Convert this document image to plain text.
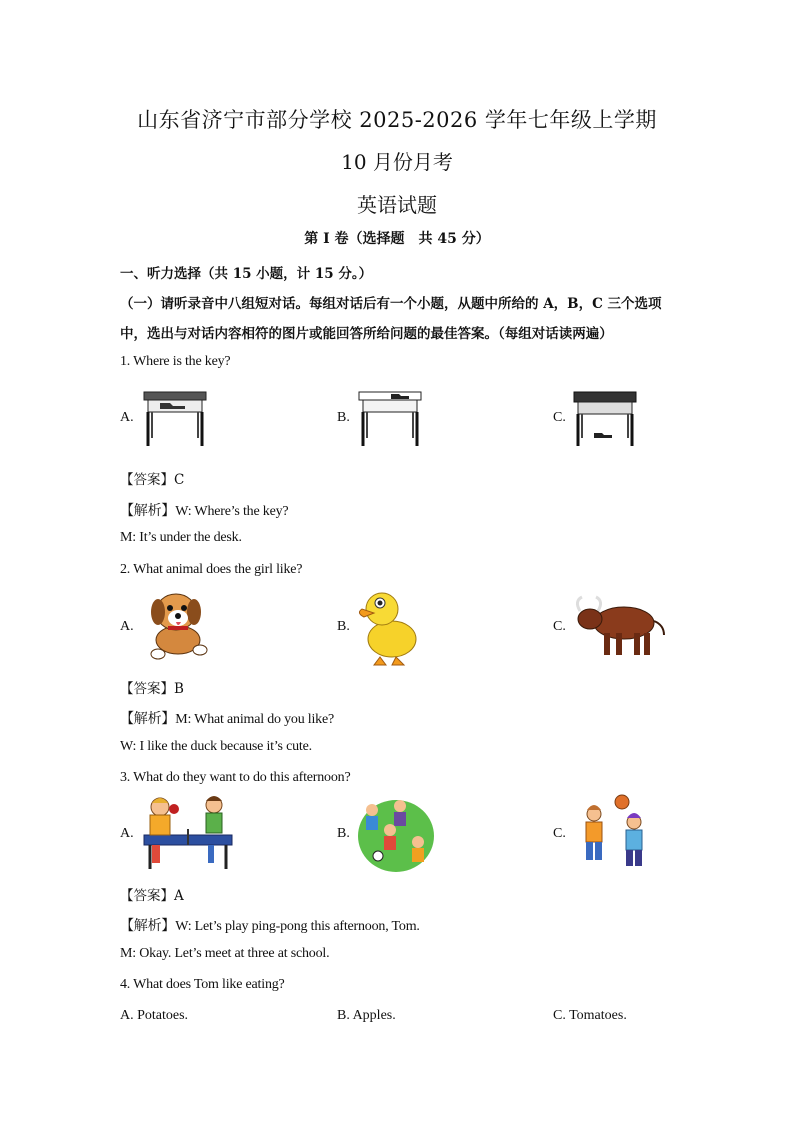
山东省济宁市部分学校 2025-2026 学年七年级上学期
10 月份月考
英语试题
第 I 卷（选择题　共 45 分）
一、听力选择（共 15 小题，计 15 分。）
（一）请听录音中八组短对话。每组对话后有一个小题，从题中所给的 A，B，C 三个选项
中，选出与对话内容相符的图片或能回答所给问题的最佳答案。（每组对话读两遍）
1. Where is the key?
A.	B.	C.
【答案】C
【解析】W: Where’s the key?
M: It’s under the desk.
2. What animal does the girl like?
A.	B.	C.
【答案】B
【解析】M: What animal do you like?
W: I like the duck because it’s cute.
3. What do they want to do this afternoon?
A.	B.	C.
【答案】A
【解析】W: Let’s play ping-pong this afternoon, Tom.
M: Okay. Let’s meet at three at school.
4. What does Tom like eating?
A. Potatoes.	B. Apples.	C. Tomatoes.
